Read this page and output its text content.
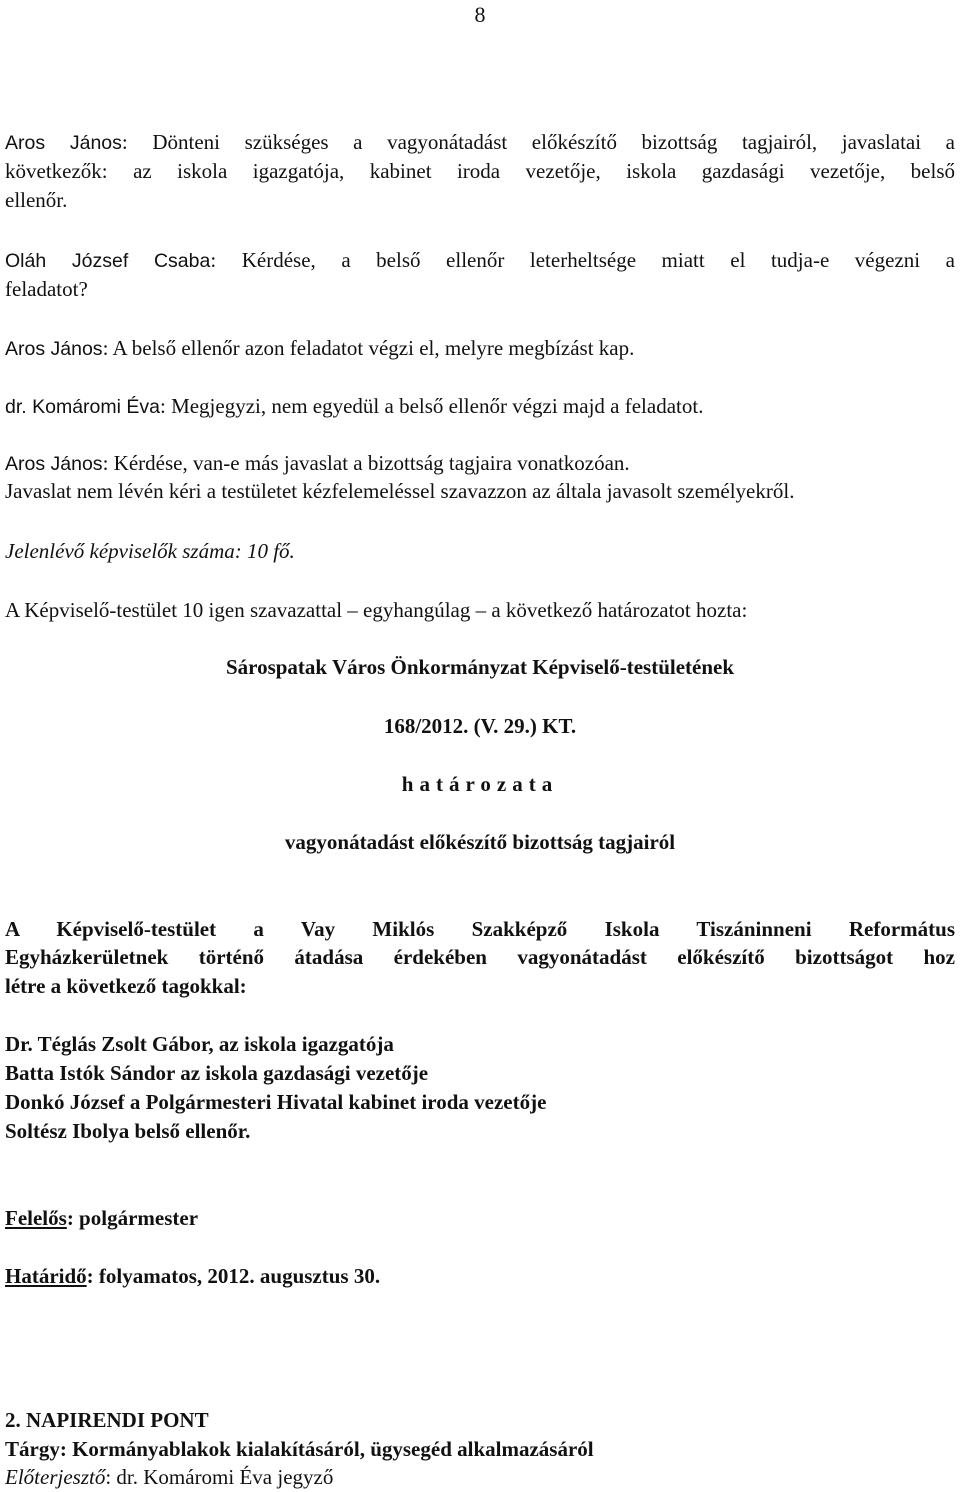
8
Aros János: Dönteni szükséges a vagyonátadást előkészítő bizottság tagjairól, javaslatai a
következők: az iskola igazgatója, kabinet iroda vezetője, iskola gazdasági vezetője, belső
ellenőr.
Oláh József Csaba: Kérdése, a belső ellenőr leterheltsége miatt el tudja-e végezni a
feladatot?
Aros János: A belső ellenőr azon feladatot végzi el, melyre megbízást kap.
dr. Komáromi Éva: Megjegyzi, nem egyedül a belső ellenőr végzi majd a feladatot.
Aros János: Kérdése, van-e más javaslat a bizottság tagjaira vonatkozóan.
Javaslat nem lévén kéri a testületet kézfelemeléssel szavazzon az általa javasolt személyekről.
Jelenlévő képviselők száma: 10 fő.
A Képviselő-testület 10 igen szavazattal – egyhangúlag – a következő határozatot hozta:
Sárospatak Város Önkormányzat Képviselő-testületének
168/2012. (V. 29.) KT.
határozata
vagyonátadást előkészítő bizottság tagjairól
A Képviselő-testület a Vay Miklós Szakképző Iskola Tiszáninneni Református
Egyházkerületnek történő átadása érdekében vagyonátadást előkészítő bizottságot hoz
létre a következő tagokkal:
Dr. Téglás Zsolt Gábor, az iskola igazgatója
Batta Istók Sándor az iskola gazdasági vezetője
Donkó József a Polgármesteri Hivatal kabinet iroda vezetője
Soltész Ibolya belső ellenőr.
Felelős: polgármester
Határidő: folyamatos, 2012. augusztus 30.
2. NAPIRENDI PONT
Tárgy: Kormányablakok kialakításáról, ügysegéd alkalmazásáról
Előterjesztő: dr. Komáromi Éva jegyző
